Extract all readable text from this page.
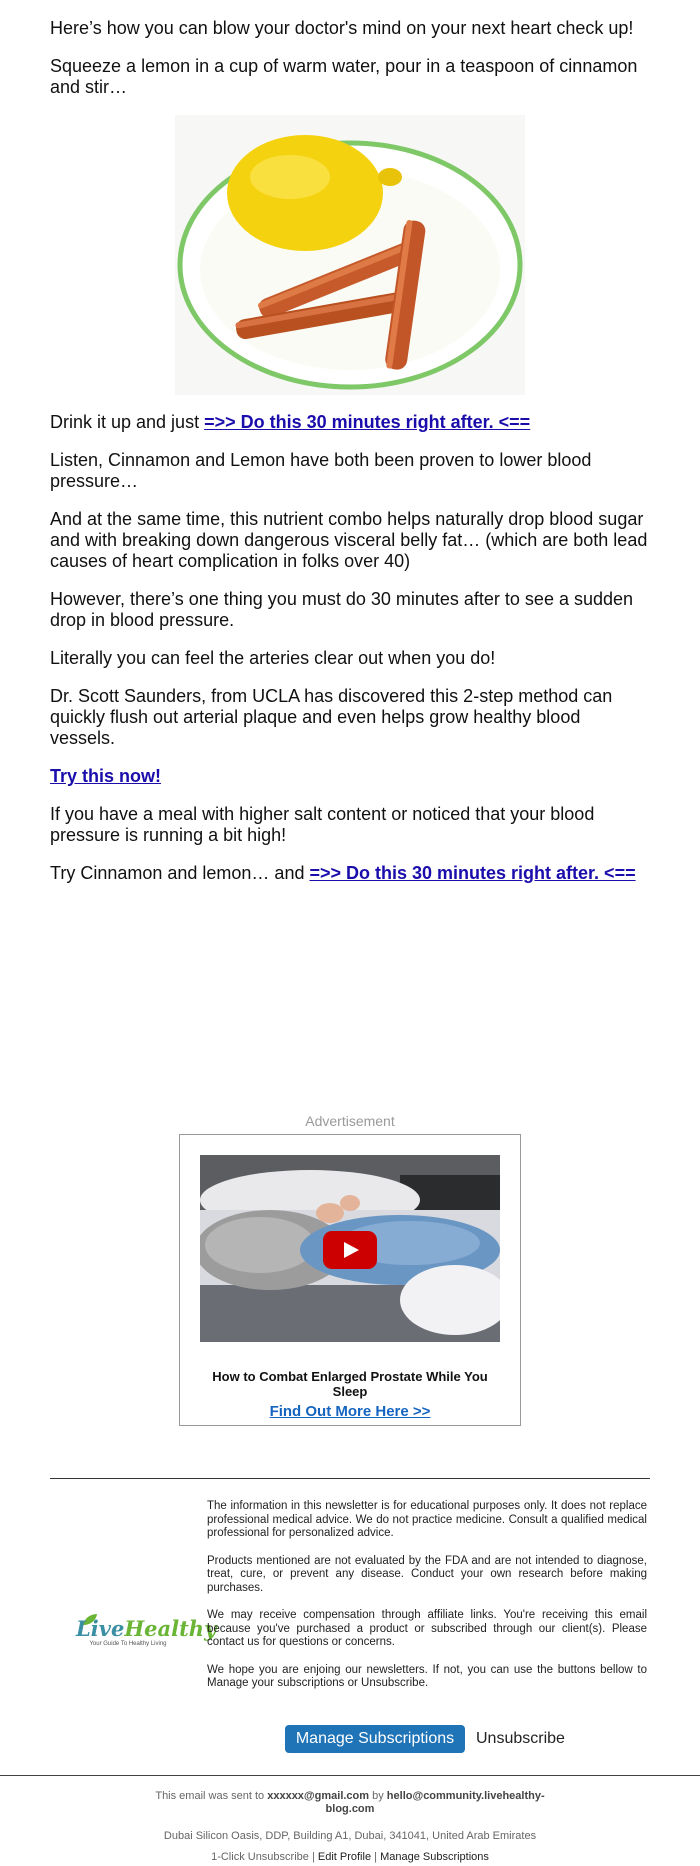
Here’s how you can blow your doctor's mind on your next heart check up!

Squeeze a lemon in a cup of warm water, pour in a teaspoon of cinnamon and stir…

Drink it up and just =>> Do this 30 minutes right after. <==

Listen, Cinnamon and Lemon have both been proven to lower blood pressure…

And at the same time, this nutrient combo helps naturally drop blood sugar and with breaking down dangerous visceral belly fat… (which are both lead causes of heart complication in folks over 40)

However, there’s one thing you must do 30 minutes after to see a sudden drop in blood pressure.

Literally you can feel the arteries clear out when you do!

Dr. Scott Saunders, from UCLA has discovered this 2-step method can quickly flush out arterial plaque and even helps grow healthy blood vessels.

Try this now!

If you have a meal with higher salt content or noticed that your blood pressure is running a bit high!

Try Cinnamon and lemon… and =>> Do this 30 minutes right after. <==

Advertisement
How to Combat Enlarged Prostate While You Sleep
Find Out More Here >>
LiveHealthy
Your Guide To Healthy Living

The information in this newsletter is for educational purposes only. It does not replace professional medical advice. We do not practice medicine. Consult a qualified medical professional for personalized advice.

Products mentioned are not evaluated by the FDA and are not intended to diagnose, treat, cure, or prevent any disease. Conduct your own research before making purchases.

We may receive compensation through affiliate links. You're receiving this email because you've purchased a product or subscribed through our client(s). Please contact us for questions or concerns.

We hope you are enjoing our newsletters. If not, you can use the buttons bellow to Manage your subscriptions or Unsubscribe.

Manage Subscriptions	Unsubscribe
This email was sent to xxxxxx@gmail.com by hello@community.livehealthy-blog.com
Dubai Silicon Oasis, DDP, Building A1, Dubai, 341041, United Arab Emirates
1-Click Unsubscribe | Edit Profile | Manage Subscriptions
